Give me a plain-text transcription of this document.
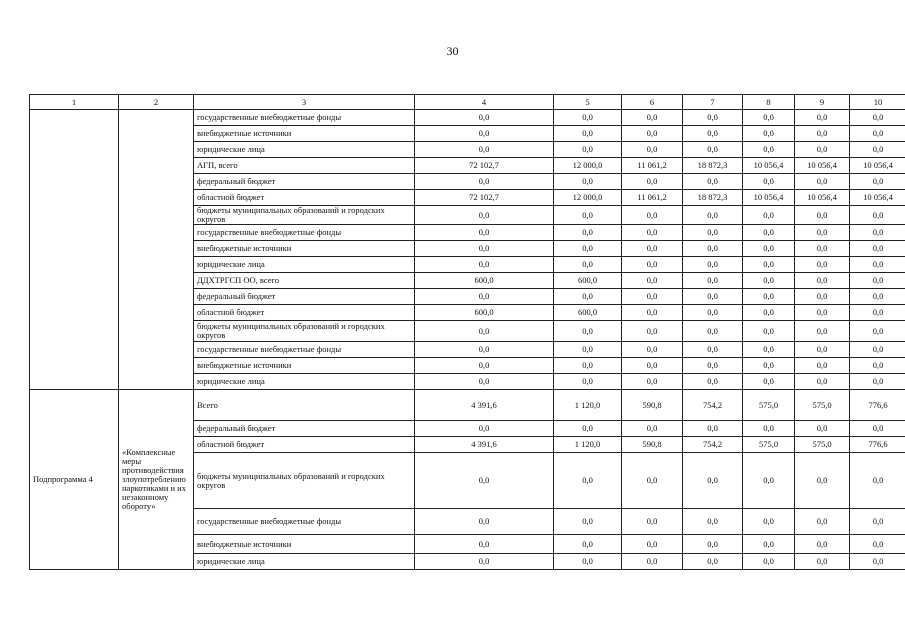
30
1	2	3	4	5	6	7	8	9	10
		государственные внебюджетные фонды	0,0	0,0	0,0	0,0	0,0	0,0	0,0
		внебюджетные источники	0,0	0,0	0,0	0,0	0,0	0,0	0,0
		юридические лица	0,0	0,0	0,0	0,0	0,0	0,0	0,0
		АГП, всего	72 102,7	12 000,0	11 061,2	18 872,3	10 056,4	10 056,4	10 056,4
		федеральный бюджет	0,0	0,0	0,0	0,0	0,0	0,0	0,0
		областной бюджет	72 102,7	12 000,0	11 061,2	18 872,3	10 056,4	10 056,4	10 056,4
		бюджеты муниципальных образований и городских округов	0,0	0,0	0,0	0,0	0,0	0,0	0,0
		государственные внебюджетные фонды	0,0	0,0	0,0	0,0	0,0	0,0	0,0
		внебюджетные источники	0,0	0,0	0,0	0,0	0,0	0,0	0,0
		юридические лица	0,0	0,0	0,0	0,0	0,0	0,0	0,0
		ДДХТРГСП ОО, всего	600,0	600,0	0,0	0,0	0,0	0,0	0,0
		федеральный бюджет	0,0	0,0	0,0	0,0	0,0	0,0	0,0
		областной бюджет	600,0	600,0	0,0	0,0	0,0	0,0	0,0
		бюджеты муниципальных образований и городских округов	0,0	0,0	0,0	0,0	0,0	0,0	0,0
		государственные внебюджетные фонды	0,0	0,0	0,0	0,0	0,0	0,0	0,0
		внебюджетные источники	0,0	0,0	0,0	0,0	0,0	0,0	0,0
		юридические лица	0,0	0,0	0,0	0,0	0,0	0,0	0,0
Подпрограмма 4	«Комплексные меры противодействия злоупотреблению наркотиками и их незаконному обороту»	Всего	4 391,6	1 120,0	590,8	754,2	575,0	575,0	776,6
		федеральный бюджет	0,0	0,0	0,0	0,0	0,0	0,0	0,0
		областной бюджет	4 391,6	1 120,0	590,8	754,2	575,0	575,0	776,6
		бюджеты муниципальных образований и городских округов	0,0	0,0	0,0	0,0	0,0	0,0	0,0
		государственные внебюджетные фонды	0,0	0,0	0,0	0,0	0,0	0,0	0,0
		внебюджетные источники	0,0	0,0	0,0	0,0	0,0	0,0	0,0
		юридические лица	0,0	0,0	0,0	0,0	0,0	0,0	0,0
